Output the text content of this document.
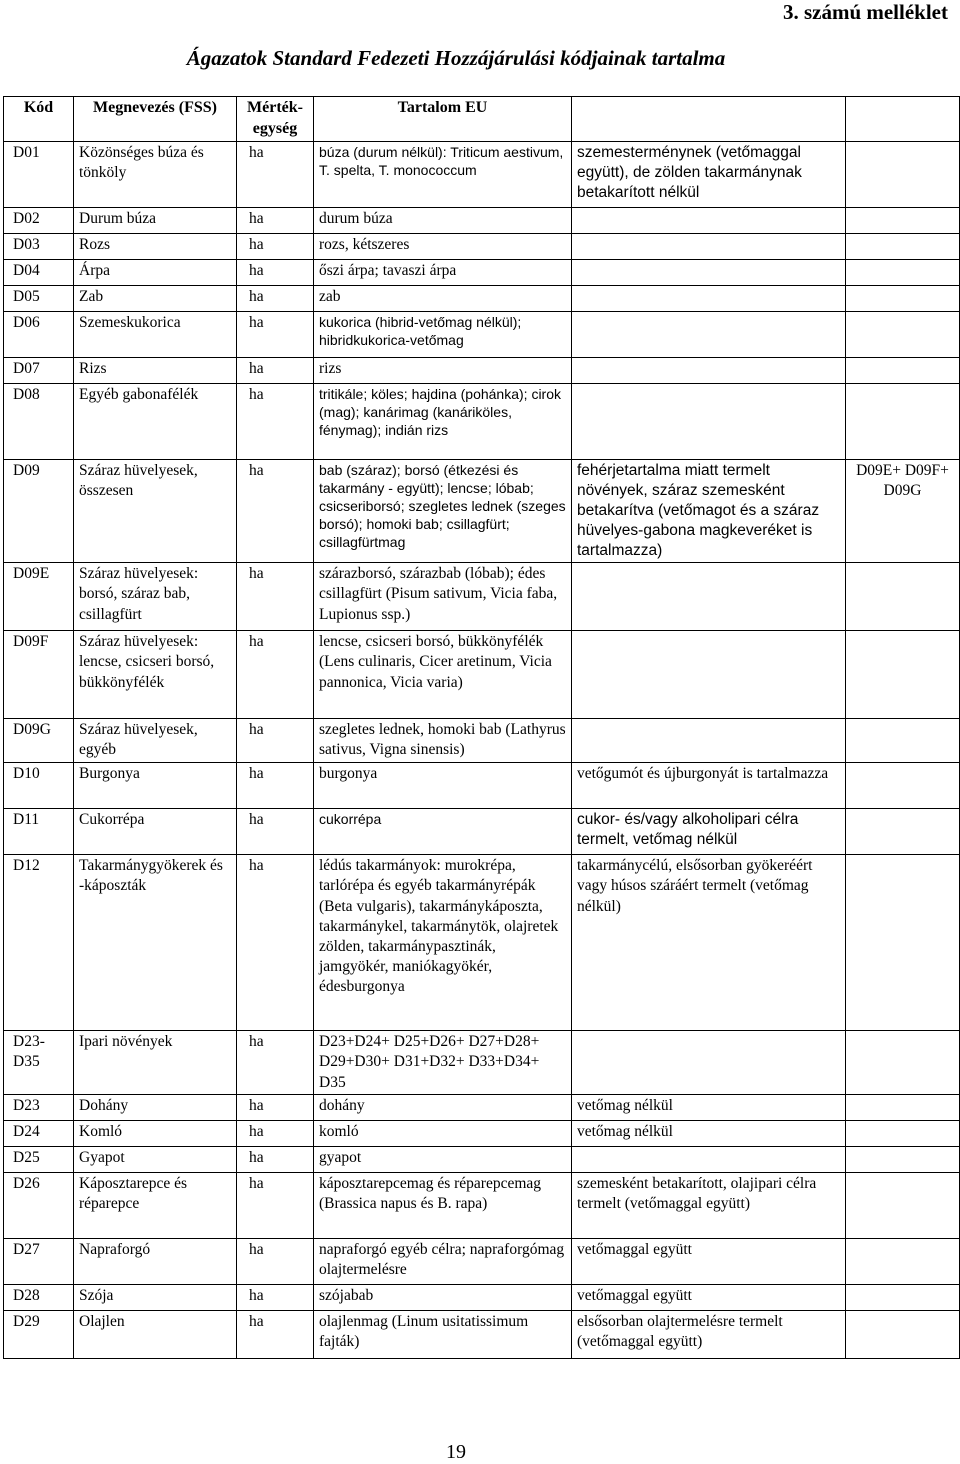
3. számú melléklet
Ágazatok Standard Fedezeti Hozzájárulási kódjainak tartalma
Kód	Megnevezés (FSS)	Mérték-egység	Tartalom EU		
D01	Közönséges búza és tönköly	ha	búza (durum nélkül): Triticum aestivum, T. spelta, T. monococcum	szemesterménynek (vetőmaggal együtt), de zölden takarmánynak betakarított nélkül	
D02	Durum búza	ha	durum búza		
D03	Rozs	ha	rozs, kétszeres		
D04	Árpa	ha	őszi árpa; tavaszi árpa		
D05	Zab	ha	zab		
D06	Szemeskukorica	ha	kukorica (hibrid-vetőmag nélkül); hibridkukorica-vetőmag		
D07	Rizs	ha	rizs		
D08	Egyéb gabonafélék	ha	tritikále; köles; hajdina (pohánka); cirok (mag); kanárimag (kanáriköles, fénymag); indián rizs		
D09	Száraz hüvelyesek, összesen	ha	bab (száraz); borsó (étkezési és takarmány - együtt); lencse; lóbab; csicseriborsó; szegletes lednek (szeges borsó); homoki bab; csillagfürt; csillagfürtmag	fehérjetartalma miatt termelt növények, száraz szemesként betakarítva (vetőmagot és a száraz hüvelyes-gabona magkeveréket is tartalmazza)	D09E+ D09F+ D09G
D09E	Száraz hüvelyesek: borsó, száraz bab, csillagfürt	ha	szárazborsó, szárazbab (lóbab); édes csillagfürt (Pisum sativum, Vicia faba, Lupionus ssp.)		
D09F	Száraz hüvelyesek: lencse, csicseri borsó, bükkönyfélék	ha	lencse, csicseri borsó, bükkönyfélék (Lens culinaris, Cicer aretinum, Vicia pannonica, Vicia varia)		
D09G	Száraz hüvelyesek, egyéb	ha	szegletes lednek, homoki bab (Lathyrus sativus, Vigna sinensis)		
D10	Burgonya	ha	burgonya	vetőgumót és újburgonyát is tartalmazza	
D11	Cukorrépa	ha	cukorrépa	cukor- és/vagy alkoholipari célra termelt, vetőmag nélkül	
D12	Takarmánygyökerek és -káposzták	ha	lédús takarmányok: murokrépa, tarlórépa és egyéb takarmányrépák (Beta vulgaris), takarmánykáposzta, takarmánykel, takarmánytök, olajretek zölden, takarmánypasztinák, jamgyökér, maniókagyökér, édesburgonya	takarmánycélú, elsősorban gyökeréért vagy húsos száráért termelt (vetőmag nélkül)	
D23-D35	Ipari növények	ha	D23+D24+ D25+D26+ D27+D28+ D29+D30+ D31+D32+ D33+D34+ D35		
D23	Dohány	ha	dohány	vetőmag nélkül	
D24	Komló	ha	komló	vetőmag nélkül	
D25	Gyapot	ha	gyapot		
D26	Káposztarepce és réparepce	ha	káposztarepcemag és réparepcemag (Brassica napus és B. rapa)	szemesként betakarított, olajipari célra termelt (vetőmaggal együtt)	
D27	Napraforgó	ha	napraforgó egyéb célra; napraforgómag olajtermelésre	vetőmaggal együtt	
D28	Szója	ha	szójabab	vetőmaggal együtt	
D29	Olajlen	ha	olajlenmag (Linum usitatissimum fajták)	elsősorban olajtermelésre termelt (vetőmaggal együtt)	
19
